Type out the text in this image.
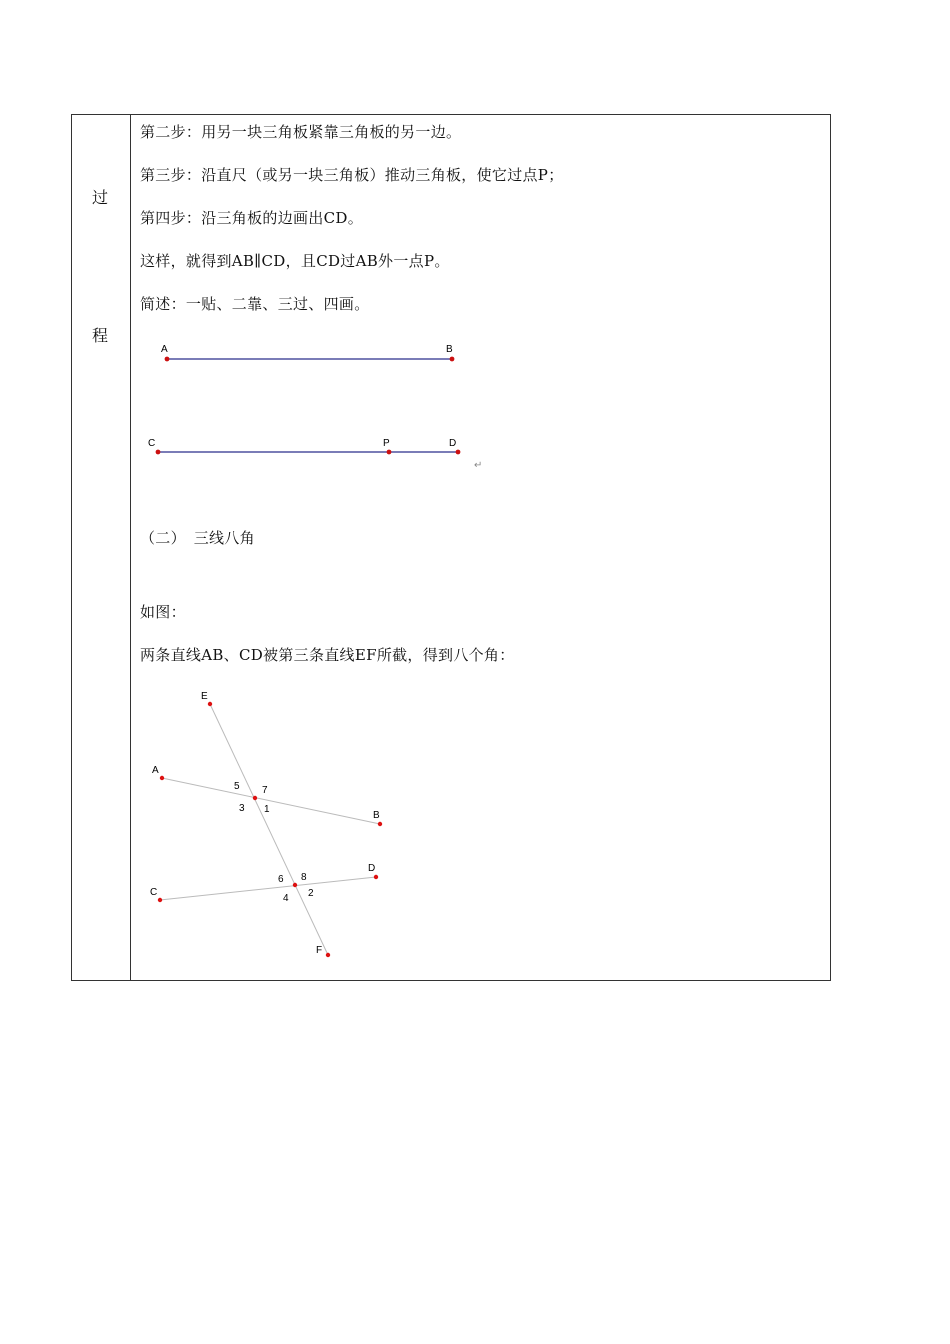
过
程
第二步：用另一块三角板紧靠三角板的另一边。
第三步：沿直尺（或另一块三角板）推动三角板，使它过点P；
第四步：沿三角板的边画出CD。
这样，就得到AB∥CD，且CD过AB外一点P。
简述：一贴、二靠、三过、四画。
A	B
C	P	D
↵
（二）　三线八角
如图：
两条直线AB、CD被第三条直线EF所截，得到八个角：
E
A
B
C
D
F
5 7
3 1
6 8
4 2
